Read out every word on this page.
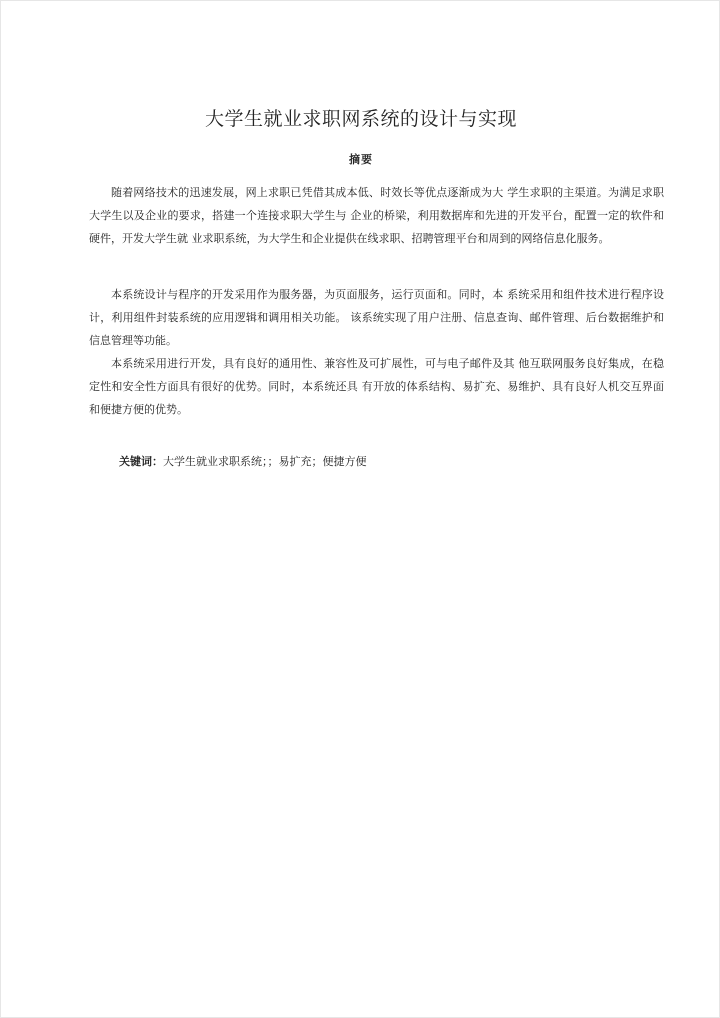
大学生就业求职网系统的设计与实现
摘要

随着网络技术的迅速发展，网上求职已凭借其成本低、时效长等优点逐渐成为大 学生求职的主渠道。为满足求职大学生以及企业的要求，搭建一个连接求职大学生与 企业的桥梁，利用数据库和先进的开发平台，配置一定的软件和硬件，开发大学生就 业求职系统，为大学生和企业提供在线求职、招聘管理平台和周到的网络信息化服务。

本系统设计与程序的开发采用作为服务器，为页面服务，运行页面和。同时，本 系统采用和组件技术进行程序设计，利用组件封装系统的应用逻辑和调用相关功能。 该系统实现了用户注册、信息查询、邮件管理、后台数据维护和信息管理等功能。

本系统采用进行开发，具有良好的通用性、兼容性及可扩展性，可与电子邮件及其 他互联网服务良好集成，在稳定性和安全性方面具有很好的优势。同时，本系统还具 有开放的体系结构、易扩充、易维护、具有良好人机交互界面和便捷方便的优势。

关键词：大学生就业求职系统；；易扩充；便捷方便
